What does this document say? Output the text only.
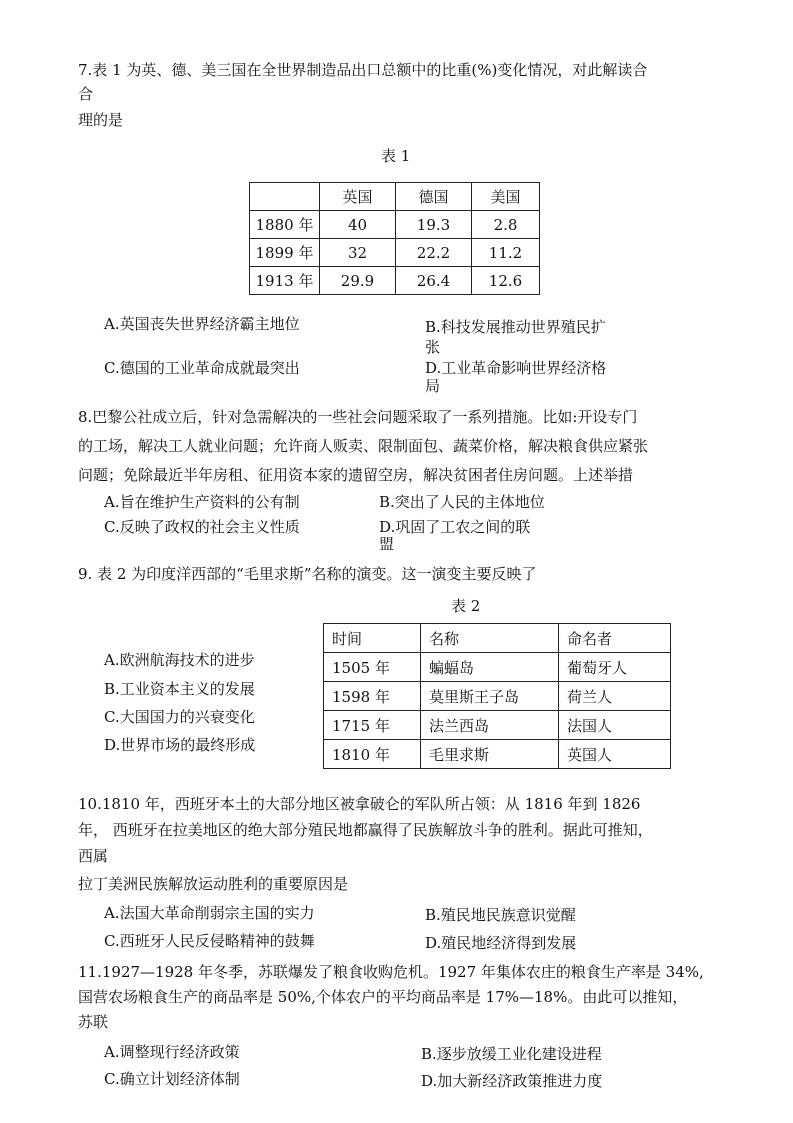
7.表 1 为英、德、美三国在全世界制造品出口总额中的比重(%)变化情况，对此解读合
合
理的是
表 1
	英国	德国	美国
1880 年	40	19.3	2.8
1899 年	32	22.2	11.2
1913 年	29.9	26.4	12.6
A.英国丧失世界经济霸主地位	B.科技发展推动世界殖民扩
张
C.德国的工业革命成就最突出	D.工业革命影响世界经济格
局
8.巴黎公社成立后，针对急需解决的一些社会问题采取了一系列措施。比如:开设专门
的工场，解决工人就业问题；允许商人贩卖、限制面包、蔬菜价格，解决粮食供应紧张
问题；免除最近半年房租、征用资本家的遗留空房，解决贫困者住房问题。上述举措
A.旨在维护生产资料的公有制	B.突出了人民的主体地位
C.反映了政权的社会主义性质	D.巩固了工农之间的联
盟
9. 表 2 为印度洋西部的“毛里求斯”名称的演变。这一演变主要反映了
表 2
时间	名称	命名者
1505 年	蝙蝠岛	葡萄牙人
1598 年	莫里斯王子岛	荷兰人
1715 年	法兰西岛	法国人
1810 年	毛里求斯	英国人
A.欧洲航海技术的进步
B.工业资本主义的发展
C.大国国力的兴衰变化
D.世界市场的最终形成
10.1810 年，西班牙本土的大部分地区被拿破仑的军队所占领：从 1816 年到 1826
年， 西班牙在拉美地区的绝大部分殖民地都赢得了民族解放斗争的胜利。据此可推知，
西属
拉丁美洲民族解放运动胜利的重要原因是
A.法国大革命削弱宗主国的实力	B.殖民地民族意识觉醒
C.西班牙人民反侵略精神的鼓舞	D.殖民地经济得到发展
11.1927—1928 年冬季，苏联爆发了粮食收购危机。1927 年集体农庄的粮食生产率是 34%,
国营农场粮食生产的商品率是 50%,个体农户的平均商品率是 17%—18%。由此可以推知，
苏联
A.调整现行经济政策	B.逐步放缓工业化建设进程
C.确立计划经济体制	D.加大新经济政策推进力度
